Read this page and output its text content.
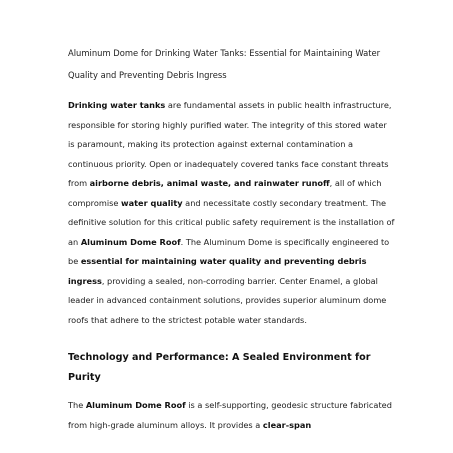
Aluminum Dome for Drinking Water Tanks: Essential for Maintaining Water Quality and Preventing Debris Ingress

Drinking water tanks are fundamental assets in public health infrastructure, responsible for storing highly purified water. The integrity of this stored water is paramount, making its protection against external contamination a continuous priority. Open or inadequately covered tanks face constant threats from airborne debris, animal waste, and rainwater runoff, all of which compromise water quality and necessitate costly secondary treatment. The definitive solution for this critical public safety requirement is the installation of an Aluminum Dome Roof. The Aluminum Dome is specifically engineered to be essential for maintaining water quality and preventing debris ingress, providing a sealed, non-corroding barrier. Center Enamel, a global leader in advanced containment solutions, provides superior aluminum dome roofs that adhere to the strictest potable water standards.

Technology and Performance: A Sealed Environment for Purity

The Aluminum Dome Roof is a self-supporting, geodesic structure fabricated from high-grade aluminum alloys. It provides a clear-span
